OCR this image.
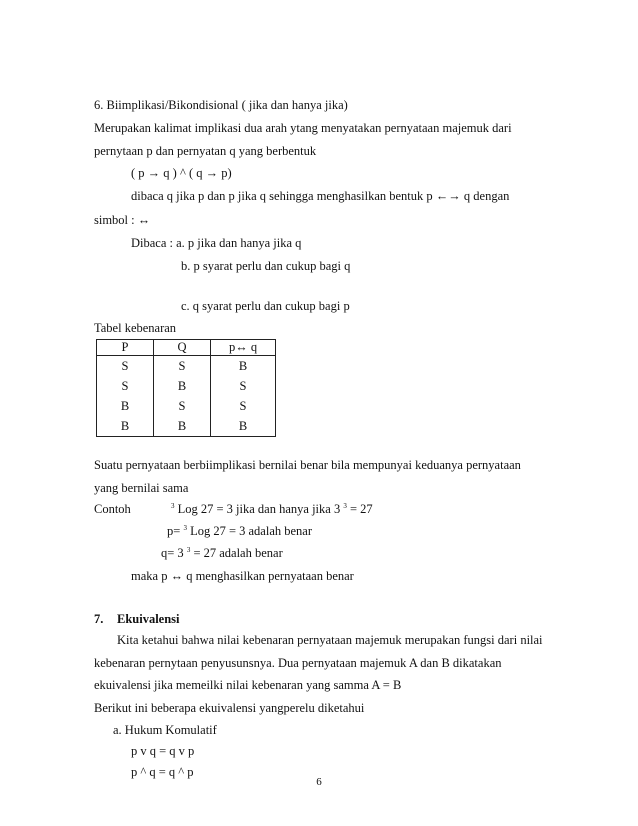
6. Biimplikasi/Bikondisional ( jika dan hanya jika)
Merupakan kalimat implikasi dua arah ytang menyatakan pernyataan majemuk dari
pernytaan p dan pernyatan q yang berbentuk
( p → q ) ^ ( q → p)
dibaca q jika p dan p jika q sehingga menghasilkan bentuk p ←→ q dengan
simbol : ↔
Dibaca : a. p jika dan hanya jika q
b. p syarat perlu dan cukup bagi q
c. q syarat perlu dan cukup bagi p
Tabel kebenaran
P	Q	p↔ q
S	S	B
S	B	S
B	S	S
B	B	B
Suatu pernyataan berbiimplikasi bernilai benar bila mempunyai keduanya pernyataan
yang bernilai sama
Contoh	$^3$ Log 27 = 3 jika dan hanya jika 3 $^3$ = 27
p= $^3$ Log 27 = 3 adalah benar
q= 3 $^3$ = 27 adalah benar
maka p ↔ q menghasilkan pernyataan benar
7. Ekuivalensi
Kita ketahui bahwa nilai kebenaran pernyataan majemuk merupakan fungsi dari nilai
kebenaran pernytaan penyusunsnya. Dua pernyataan majemuk A dan B dikatakan
ekuivalensi jika memeilki nilai kebenaran yang samma A = B
Berikut ini beberapa ekuivalensi yangperelu diketahui
a. Hukum Komulatif
p v q = q v p
p ^ q = q ^ p
6
